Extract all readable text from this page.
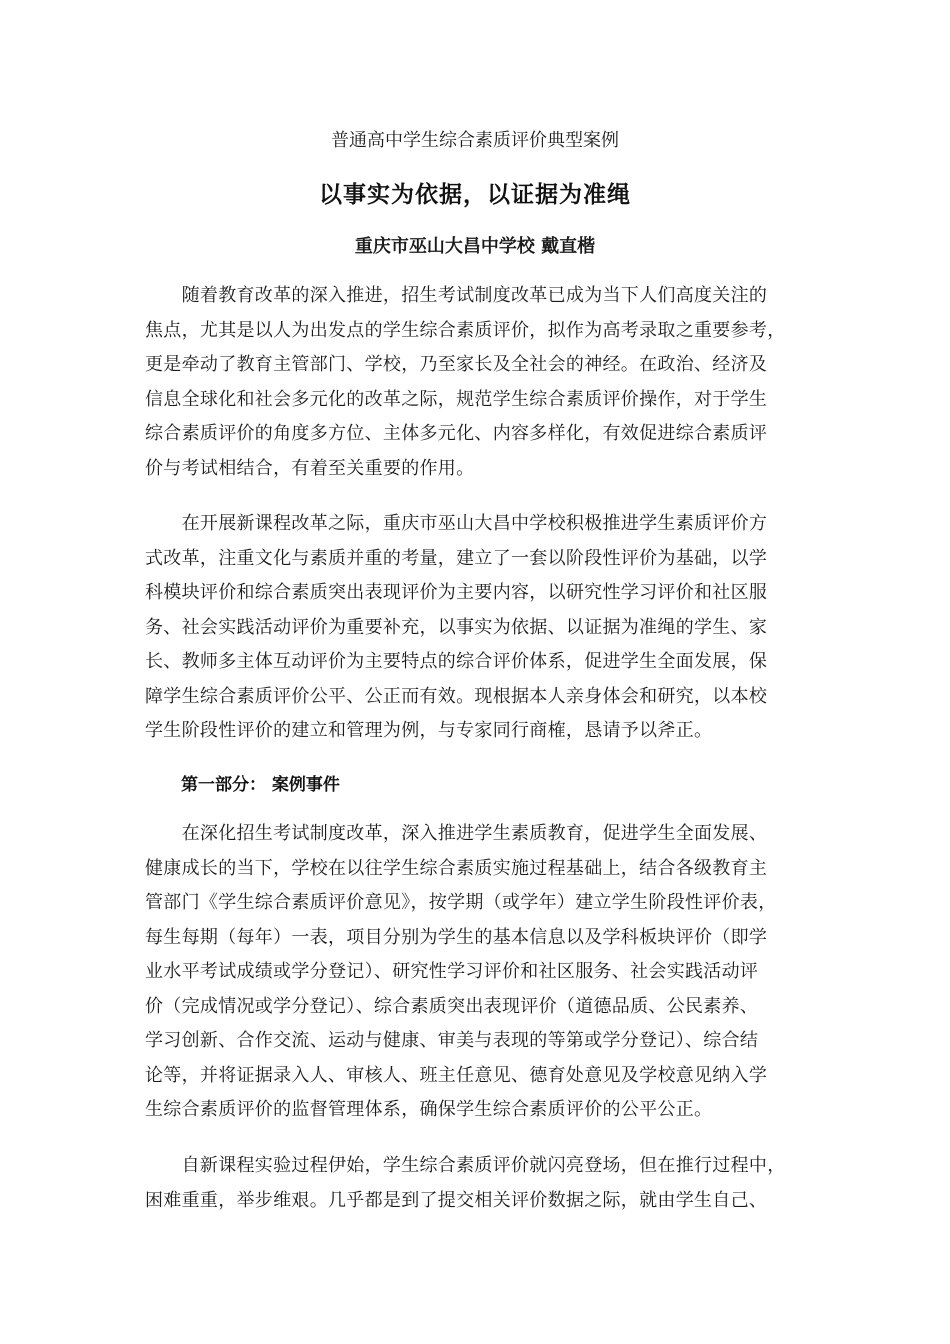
普通高中学生综合素质评价典型案例
以事实为依据，以证据为准绳
重庆市巫山大昌中学校 戴直楷
　　随着教育改革的深入推进，招生考试制度改革已成为当下人们高度关注的
焦点，尤其是以人为出发点的学生综合素质评价，拟作为高考录取之重要参考，
更是牵动了教育主管部门、学校，乃至家长及全社会的神经。在政治、经济及
信息全球化和社会多元化的改革之际，规范学生综合素质评价操作，对于学生
综合素质评价的角度多方位、主体多元化、内容多样化，有效促进综合素质评
价与考试相结合，有着至关重要的作用。
　　在开展新课程改革之际，重庆市巫山大昌中学校积极推进学生素质评价方
式改革，注重文化与素质并重的考量，建立了一套以阶段性评价为基础，以学
科模块评价和综合素质突出表现评价为主要内容，以研究性学习评价和社区服
务、社会实践活动评价为重要补充，以事实为依据、以证据为准绳的学生、家
长、教师多主体互动评价为主要特点的综合评价体系，促进学生全面发展，保
障学生综合素质评价公平、公正而有效。现根据本人亲身体会和研究，以本校
学生阶段性评价的建立和管理为例，与专家同行商榷，恳请予以斧正。
第一部分： 案例事件
　　在深化招生考试制度改革，深入推进学生素质教育，促进学生全面发展、
健康成长的当下，学校在以往学生综合素质实施过程基础上，结合各级教育主
管部门《学生综合素质评价意见》，按学期（或学年）建立学生阶段性评价表，
每生每期（每年）一表，项目分别为学生的基本信息以及学科板块评价（即学
业水平考试成绩或学分登记）、研究性学习评价和社区服务、社会实践活动评
价（完成情况或学分登记）、综合素质突出表现评价（道德品质、公民素养、
学习创新、合作交流、运动与健康、审美与表现的等第或学分登记）、综合结
论等，并将证据录入人、审核人、班主任意见、德育处意见及学校意见纳入学
生综合素质评价的监督管理体系，确保学生综合素质评价的公平公正。
　　自新课程实验过程伊始，学生综合素质评价就闪亮登场，但在推行过程中，
困难重重，举步维艰。几乎都是到了提交相关评价数据之际，就由学生自己、
